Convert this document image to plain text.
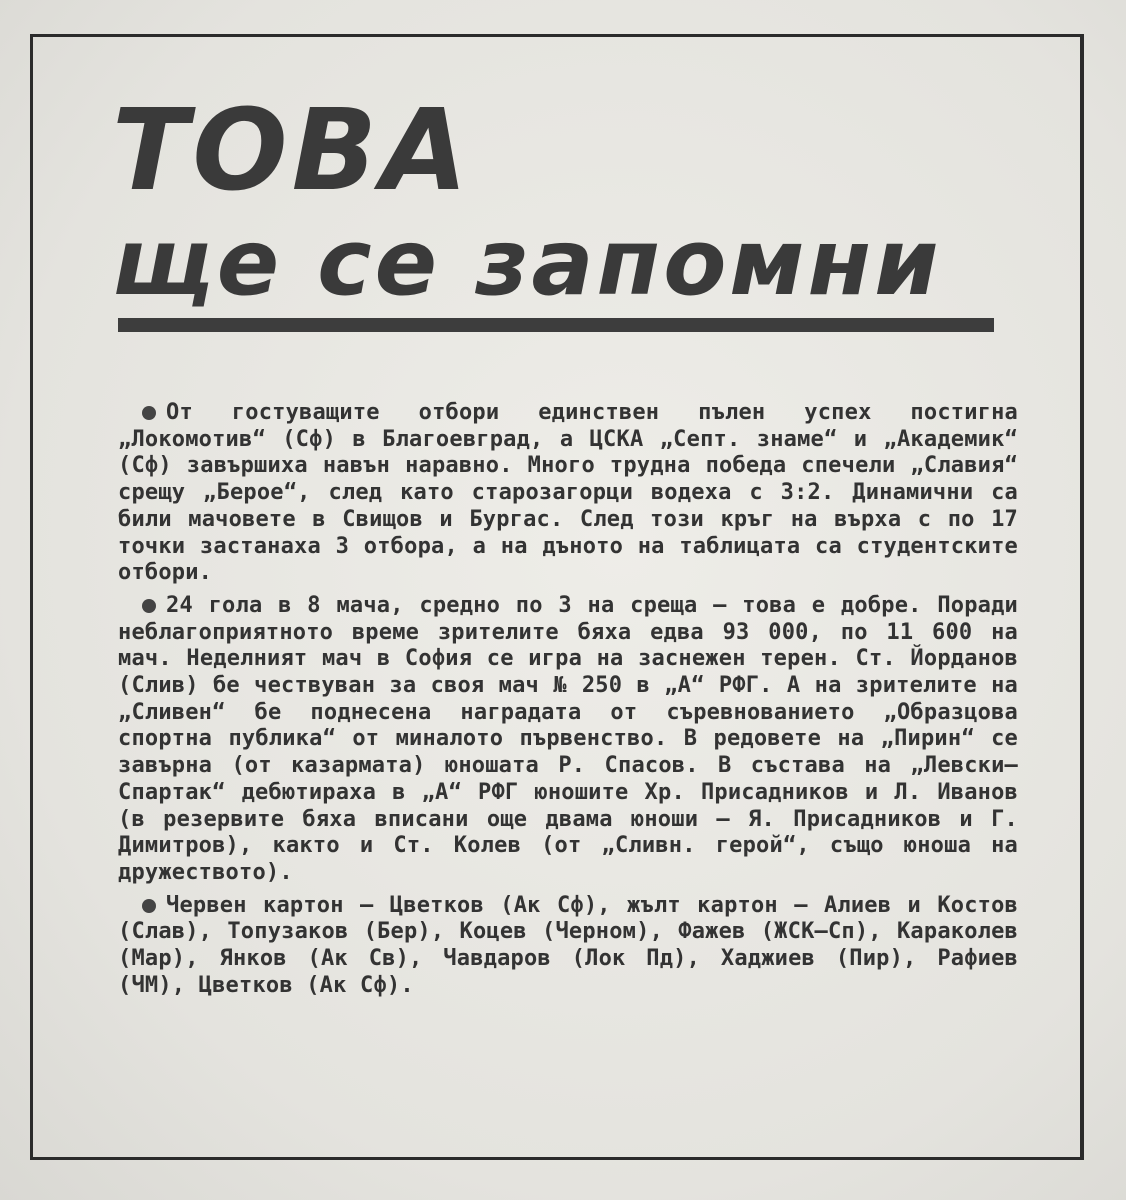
ТОВА
ще се запомни

От гостуващите отбори единствен пълен успех постигна „Локомотив“ (Сф) в Благоевград, а ЦСКА „Септ. знаме“ и „Академик“ (Сф) завършиха навън наравно. Много трудна победа спечели „Славия“ срещу „Берое“, след като старозагорци водеха с 3:2. Динамични са били мачовете в Свищов и Бургас. След този кръг на върха с по 17 точки застанаха 3 отбора, а на дъното на таблицата са студентските отбори.

24 гола в 8 мача, средно по 3 на среща — това е добре. Поради неблагоприятното време зрителите бяха едва 93 000, по 11 600 на мач. Неделният мач в София се игра на заснежен терен. Ст. Йорданов (Слив) бе чествуван за своя мач № 250 в „А“ РФГ. А на зрителите на „Сливен“ бе поднесена наградата от съревнованието „Образцова спортна публика“ от миналото първенство. В редовете на „Пирин“ се завърна (от казармата) юношата Р. Спасов. В състава на „Левски—Спартак“ дебютираха в „А“ РФГ юношите Хр. Присадников и Л. Иванов (в резервите бяха вписани още двама юноши — Я. Присадников и Г. Димитров), както и Ст. Колев (от „Сливн. герой“, също юноша на дружеството).

Червен картон — Цветков (Ак Сф), жълт картон — Алиев и Костов (Слав), Топузаков (Бер), Коцев (Черном), Фажев (ЖСК—Сп), Караколев (Мар), Янков (Ак Св), Чавдаров (Лок Пд), Хаджиев (Пир), Рафиев (ЧМ), Цветков (Ак Сф).
